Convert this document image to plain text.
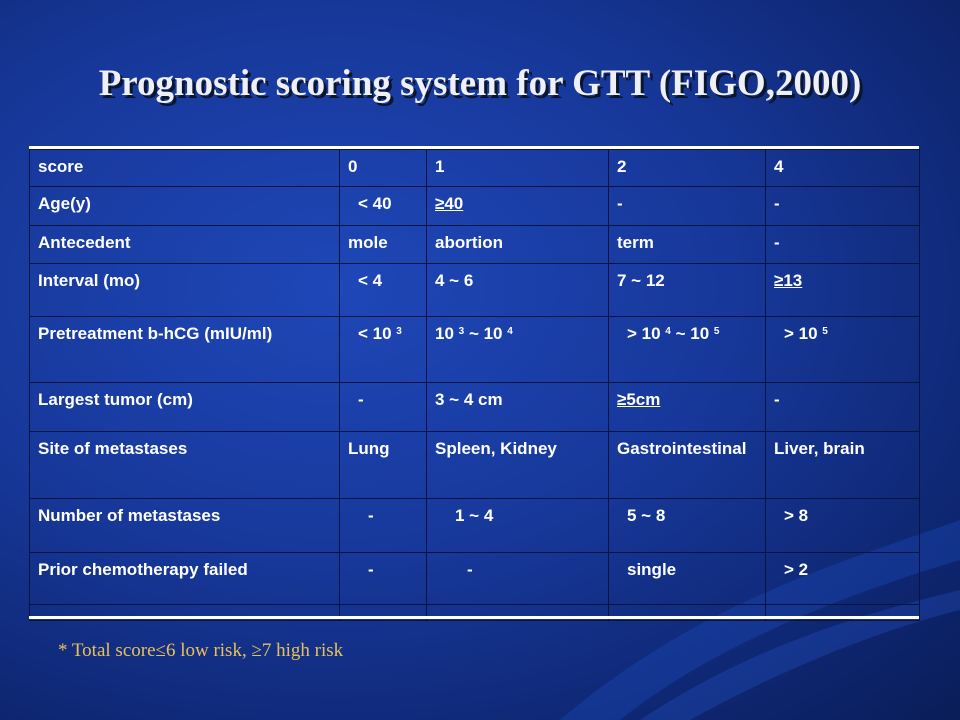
Prognostic scoring system for GTT (FIGO,2000)
score	0	1	2	4
Age(y)	< 40	≥40	-	-
Antecedent	mole	abortion	term	-
Interval (mo)	< 4	4 ~ 6	7 ~ 12	≥13
Pretreatment b-hCG (mIU/ml)	< 10 $^3$	10 $^3$ ~ 10 $^4$	> 10 $^4$ ~ 10 $^5$	> 10 $^5$
Largest tumor (cm)	-	3 ~ 4 cm	≥5cm	-
Site of metastases	Lung	Spleen, Kidney	Gastrointestinal	Liver, brain
Number of metastases	-	1 ~ 4	5 ~ 8	> 8
Prior chemotherapy failed	-	-	single	> 2

* Total score≤6 low risk, ≥7 high risk
